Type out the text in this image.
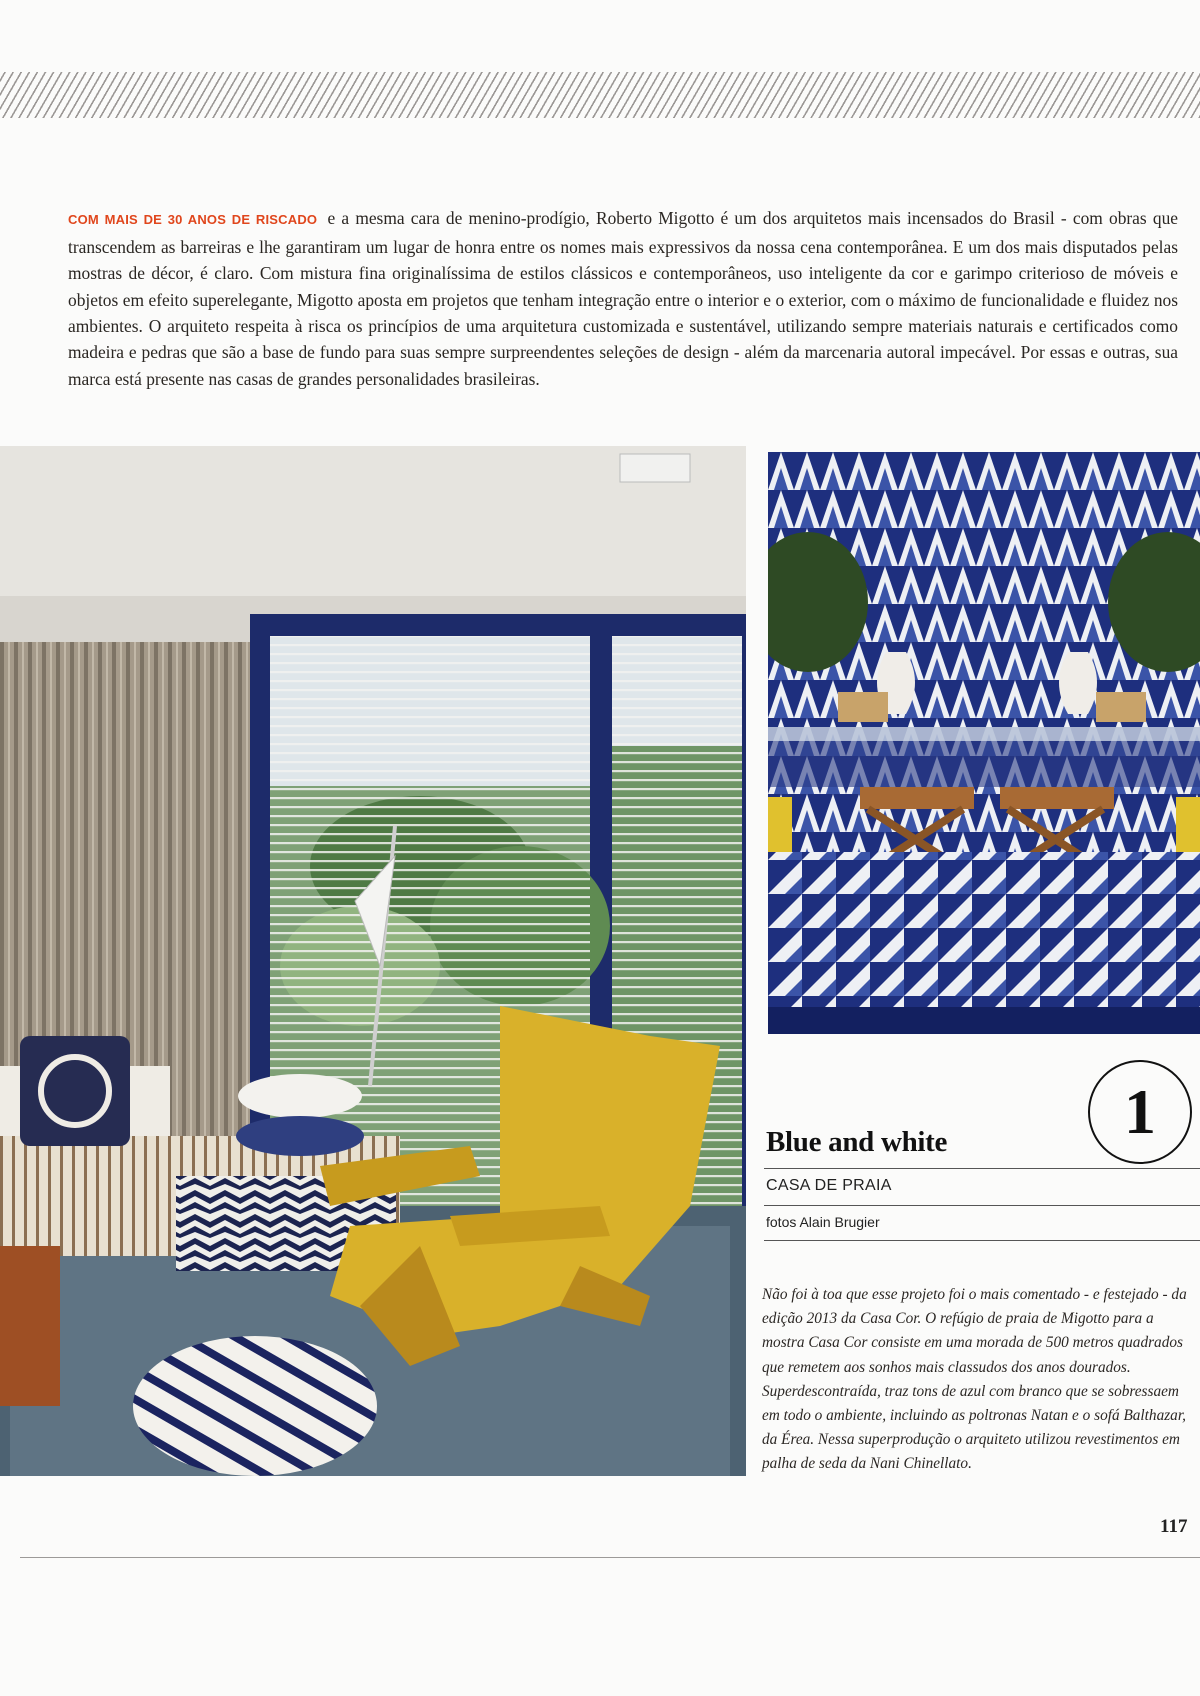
COM MAIS DE 30 ANOS DE RISCADO e a mesma cara de menino-prodígio, Roberto Migotto é um dos arquitetos mais incensados do Brasil - com obras que transcendem as barreiras e lhe garantiram um lugar de honra entre os nomes mais expressivos da nossa cena contemporânea. E um dos mais disputados pelas mostras de décor, é claro. Com mistura fina originalíssima de estilos clássicos e contemporâneos, uso inteligente da cor e garimpo criterioso de móveis e objetos em efeito superelegante, Migotto aposta em projetos que tenham integração entre o interior e o exterior, com o máximo de funcionalidade e fluidez nos ambientes. O arquiteto respeita à risca os princípios de uma arquitetura customizada e sustentável, utilizando sempre materiais naturais e certificados como madeira e pedras que são a base de fundo para suas sempre surpreendentes seleções de design - além da marcenaria autoral impecável. Por essas e outras, sua marca está presente nas casas de grandes personalidades brasileiras.

1
Blue and white
CASA DE PRAIA
fotos Alain Brugier

Não foi à toa que esse projeto foi o mais comentado - e festejado - da edição 2013 da Casa Cor. O refúgio de praia de Migotto para a mostra Casa Cor consiste em uma morada de 500 metros quadrados que remetem aos sonhos mais classudos dos anos dourados. Superdescontraída, traz tons de azul com branco que se sobressaem em todo o ambiente, incluindo as poltronas Natan e o sofá Balthazar, da Érea. Nessa superprodução o arquiteto utilizou revestimentos em palha de seda da Nani Chinellato.

117
